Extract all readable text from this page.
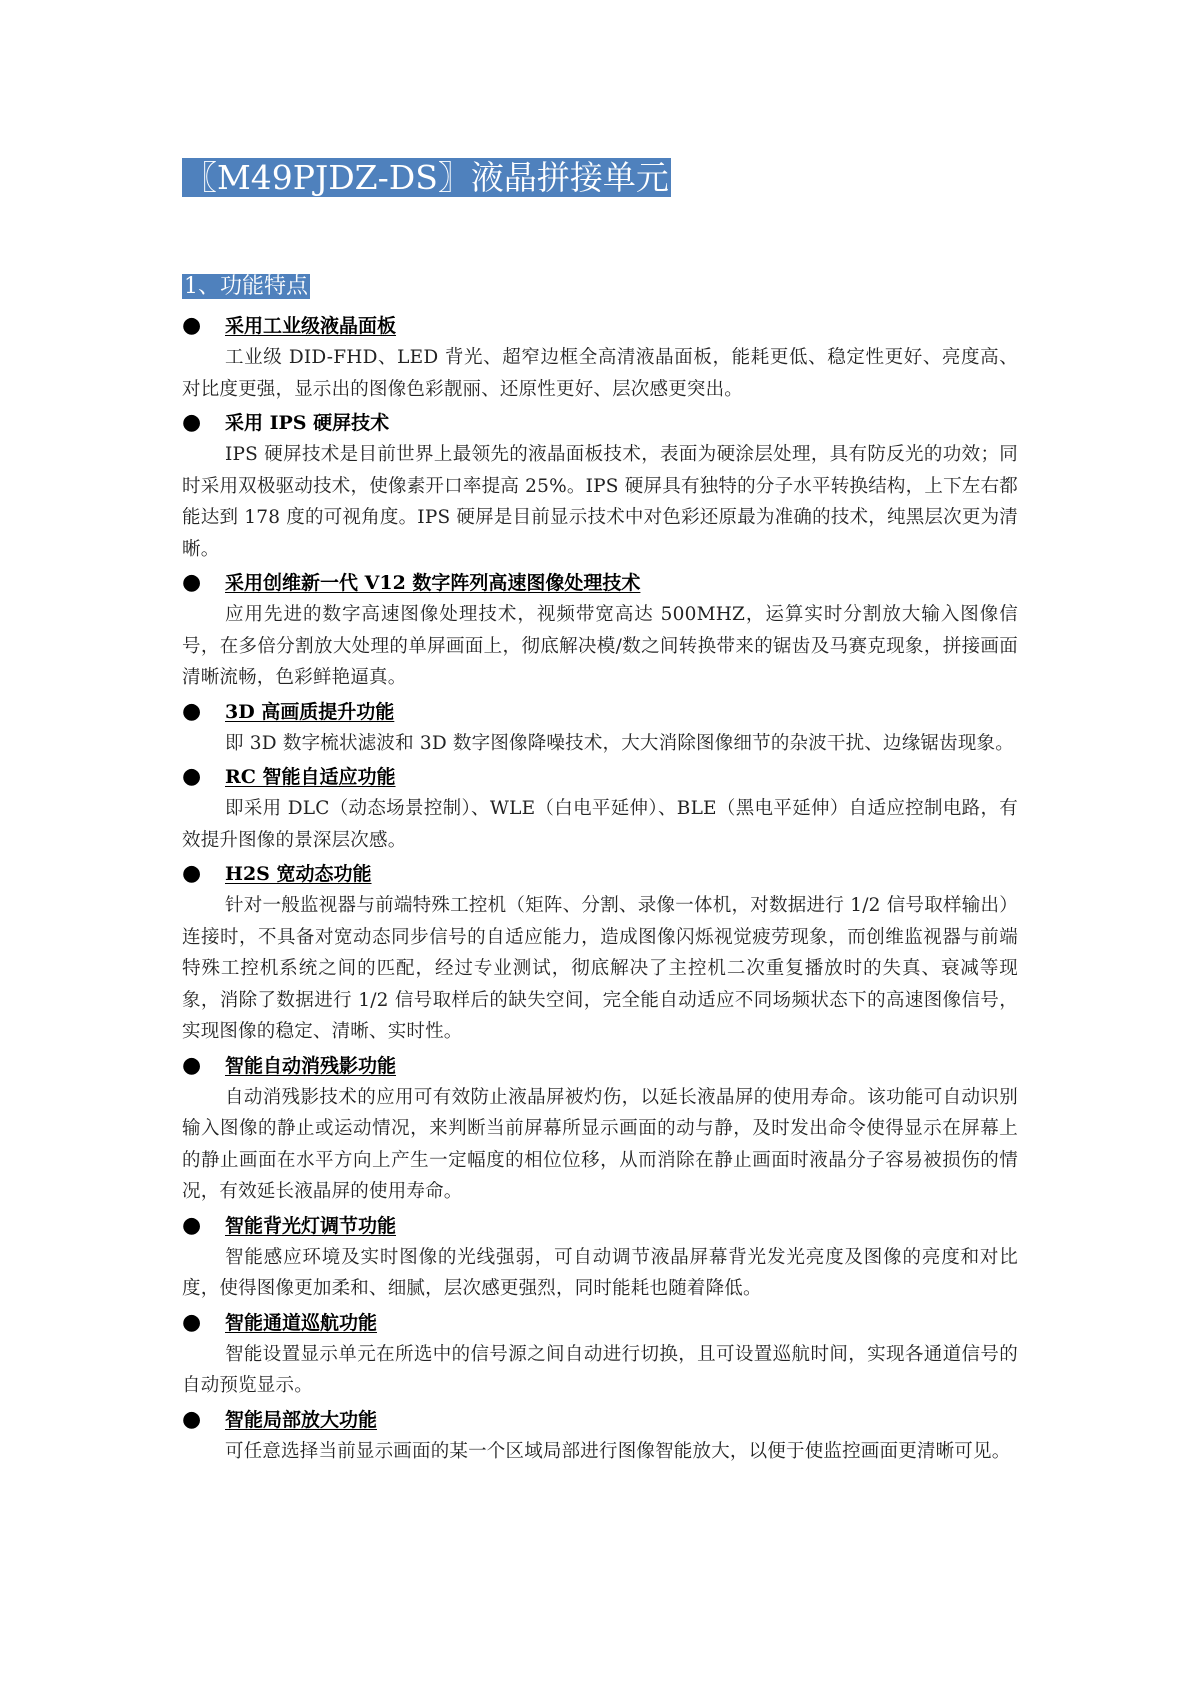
〖M49PJDZ-DS〗液晶拼接单元
1、功能特点
●	采用工业级液晶面板

工业级 DID-FHD、LED 背光、超窄边框全高清液晶面板，能耗更低、稳定性更好、亮度高、对比度更强，显示出的图像色彩靓丽、还原性更好、层次感更突出。

●	采用 IPS 硬屏技术

IPS 硬屏技术是目前世界上最领先的液晶面板技术，表面为硬涂层处理，具有防反光的功效；同时采用双极驱动技术，使像素开口率提高 25%。IPS 硬屏具有独特的分子水平转换结构，上下左右都能达到 178 度的可视角度。IPS 硬屏是目前显示技术中对色彩还原最为准确的技术，纯黑层次更为清晰。

●	采用创维新一代 V12 数字阵列高速图像处理技术

应用先进的数字高速图像处理技术，视频带宽高达 500MHZ，运算实时分割放大输入图像信号，在多倍分割放大处理的单屏画面上，彻底解决模/数之间转换带来的锯齿及马赛克现象，拼接画面清晰流畅，色彩鲜艳逼真。

●	3D 高画质提升功能

即 3D 数字梳状滤波和 3D 数字图像降噪技术，大大消除图像细节的杂波干扰、边缘锯齿现象。

●	RC 智能自适应功能

即采用 DLC（动态场景控制）、WLE（白电平延伸）、BLE（黑电平延伸）自适应控制电路，有效提升图像的景深层次感。

●	H2S 宽动态功能

针对一般监视器与前端特殊工控机（矩阵、分割、录像一体机，对数据进行 1/2 信号取样输出）连接时，不具备对宽动态同步信号的自适应能力，造成图像闪烁视觉疲劳现象，而创维监视器与前端特殊工控机系统之间的匹配，经过专业测试，彻底解决了主控机二次重复播放时的失真、衰减等现象，消除了数据进行 1/2 信号取样后的缺失空间，完全能自动适应不同场频状态下的高速图像信号，实现图像的稳定、清晰、实时性。

●	智能自动消残影功能

自动消残影技术的应用可有效防止液晶屏被灼伤，以延长液晶屏的使用寿命。该功能可自动识别输入图像的静止或运动情况，来判断当前屏幕所显示画面的动与静，及时发出命令使得显示在屏幕上的静止画面在水平方向上产生一定幅度的相位位移，从而消除在静止画面时液晶分子容易被损伤的情况，有效延长液晶屏的使用寿命。

●	智能背光灯调节功能

智能感应环境及实时图像的光线强弱，可自动调节液晶屏幕背光发光亮度及图像的亮度和对比度，使得图像更加柔和、细腻，层次感更强烈，同时能耗也随着降低。

●	智能通道巡航功能

智能设置显示单元在所选中的信号源之间自动进行切换，且可设置巡航时间，实现各通道信号的自动预览显示。

●	智能局部放大功能

可任意选择当前显示画面的某一个区域局部进行图像智能放大，以便于使监控画面更清晰可见。
